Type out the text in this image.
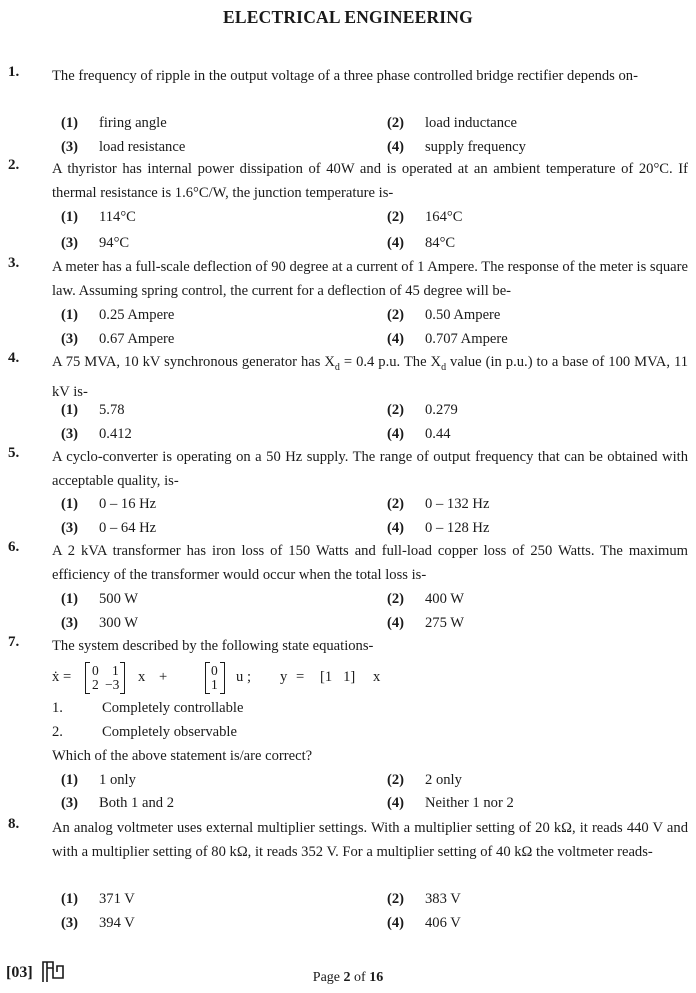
ELECTRICAL ENGINEERING
1. The frequency of ripple in the output voltage of a three phase controlled bridge rectifier depends on-
(1) firing angle	(2) load inductance
(3) load resistance	(4) supply frequency
2. A thyristor has internal power dissipation of 40W and is operated at an ambient temperature of 20°C. If thermal resistance is 1.6°C/W, the junction temperature is-
(1) 114°C	(2) 164°C
(3) 94°C	(4) 84°C
3. A meter has a full-scale deflection of 90 degree at a current of 1 Ampere. The response of the meter is square law. Assuming spring control, the current for a deflection of 45 degree will be-
(1) 0.25 Ampere	(2) 0.50 Ampere
(3) 0.67 Ampere	(4) 0.707 Ampere
4. A 75 MVA, 10 kV synchronous generator has $X_d = 0.4$ p.u. The $X_d$ value (in p.u.) to a base of 100 MVA, 11 kV is-
(1) 5.78	(2) 0.279
(3) 0.412	(4) 0.44
5. A cyclo-converter is operating on a 50 Hz supply. The range of output frequency that can be obtained with acceptable quality, is-
(1) 0 – 16 Hz	(2) 0 – 132 Hz
(3) 0 – 64 Hz	(4) 0 – 128 Hz
6. A 2 kVA transformer has iron loss of 150 Watts and full-load copper loss of 250 Watts. The maximum efficiency of the transformer would occur when the total loss is-
(1) 500 W	(2) 400 W
(3) 300 W	(4) 275 W
7. The system described by the following state equations-
ẋ = 0 1
2 −3 x +	0
1 u ; y = [1   1] x
1.	Completely controllable
2.	Completely observable
Which of the above statement is/are correct?
(1) 1 only	(2) 2 only
(3) Both 1 and 2	(4) Neither 1 nor 2
8. An analog voltmeter uses external multiplier settings. With a multiplier setting of 20 kΩ, it reads 440 V and with a multiplier setting of 80 kΩ, it reads 352 V. For a multiplier setting of 40 kΩ the voltmeter reads-
(1) 371 V	(2) 383 V
(3) 394 V	(4) 406 V
[03]	Page 2 of 16
